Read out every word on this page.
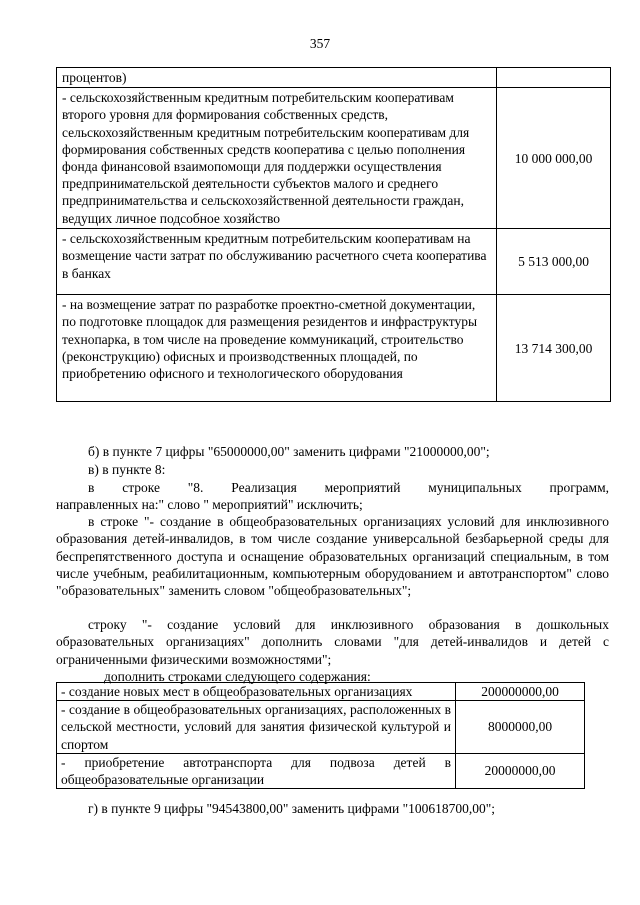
357
процентов)	
- сельскохозяйственным кредитным потребительским кооперативам второго уровня для формирования собственных средств, сельскохозяйственным кредитным потребительским кооперативам для формирования собственных средств кооператива с целью пополнения фонда финансовой взаимопомощи для поддержки осуществления предпринимательской деятельности субъектов малого и среднего предпринимательства и сельскохозяйственной деятельности граждан, ведущих личное подсобное хозяйство	10 000 000,00
- сельскохозяйственным кредитным потребительским кооперативам на возмещение части затрат по обслуживанию расчетного счета кооператива в банках	5 513 000,00
- на возмещение затрат по разработке проектно-сметной документации, по подготовке площадок для размещения резидентов и инфраструктуры технопарка, в том числе на проведение коммуникаций, строительство (реконструкцию) офисных и производственных площадей, по приобретению офисного и технологического оборудования	13 714 300,00
б) в пункте 7 цифры "65000000,00" заменить цифрами "21000000,00";
в) в пункте 8:
в строке "8. Реализация мероприятий муниципальных программ,
направленных на:" слово " мероприятий" исключить;
в строке "- создание в общеобразовательных организациях условий для инклюзивного образования детей-инвалидов, в том числе создание универсальной безбарьерной среды для беспрепятственного доступа и оснащение образовательных организаций специальным, в том числе учебным, реабилитационным, компьютерным оборудованием и автотранспортом" слово "образовательных" заменить словом "общеобразовательных";
строку "- создание условий для инклюзивного образования в дошкольных образовательных организациях" дополнить словами "для детей-инвалидов и детей с ограниченными физическими возможностями";
дополнить строками следующего содержания:
- создание новых мест в общеобразовательных организациях	200000000,00
- создание в общеобразовательных организациях, расположенных в сельской местности, условий для занятия физической культурой и спортом	8000000,00
- приобретение автотранспорта для подвоза детей в общеобразовательные организации	20000000,00
г) в пункте 9 цифры "94543800,00" заменить цифрами "100618700,00";
